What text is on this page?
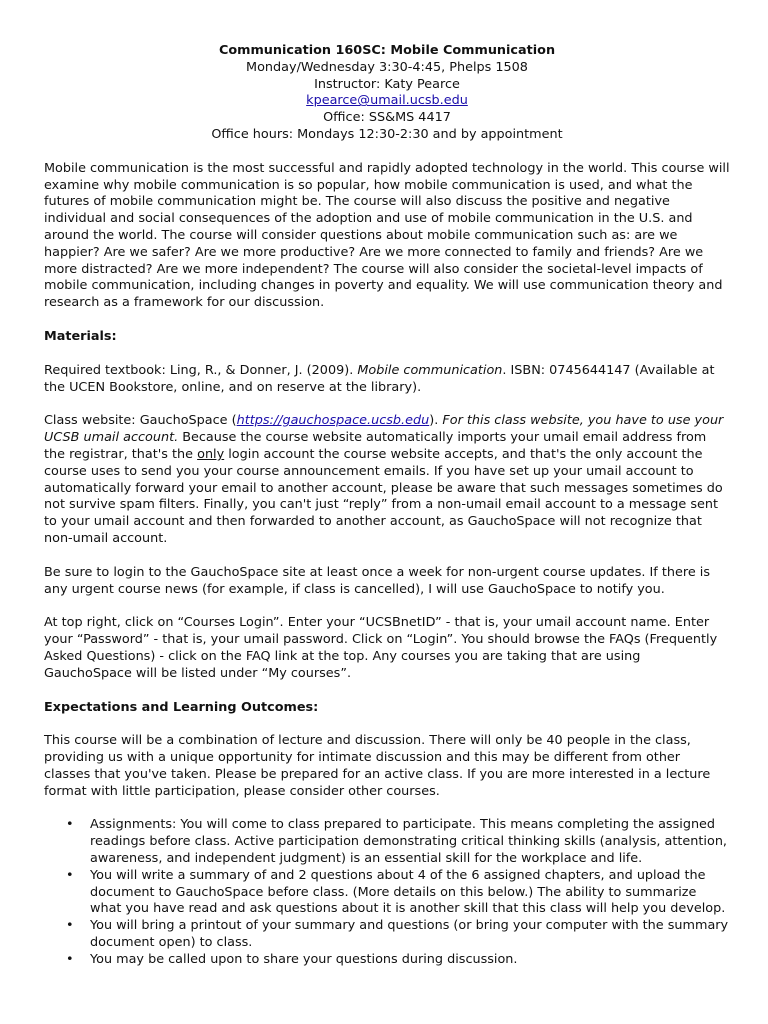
Communication 160SC: Mobile Communication
Monday/Wednesday 3:30-4:45, Phelps 1508
Instructor: Katy Pearce
kpearce@umail.ucsb.edu
Office: SS&MS 4417
Office hours: Mondays 12:30-2:30 and by appointment

Mobile communication is the most successful and rapidly adopted technology in the world. This course will examine why mobile communication is so popular, how mobile communication is used, and what the futures of mobile communication might be. The course will also discuss the positive and negative individual and social consequences of the adoption and use of mobile communication in the U.S. and around the world. The course will consider questions about mobile communication such as: are we happier? Are we safer? Are we more productive? Are we more connected to family and friends? Are we more distracted? Are we more independent? The course will also consider the societal-level impacts of mobile communication, including changes in poverty and equality. We will use communication theory and research as a framework for our discussion.

Materials:

Required textbook: Ling, R., & Donner, J. (2009). Mobile communication. ISBN: 0745644147 (Available at the UCEN Bookstore, online, and on reserve at the library).

Class website: GauchoSpace (https://gauchospace.ucsb.edu). For this class website, you have to use your UCSB umail account. Because the course website automatically imports your umail email address from the registrar, that's the only login account the course website accepts, and that's the only account the course uses to send you your course announcement emails. If you have set up your umail account to automatically forward your email to another account, please be aware that such messages sometimes do not survive spam filters. Finally, you can't just “reply” from a non-umail email account to a message sent to your umail account and then forwarded to another account, as GauchoSpace will not recognize that non-umail account.

Be sure to login to the GauchoSpace site at least once a week for non-urgent course updates. If there is any urgent course news (for example, if class is cancelled), I will use GauchoSpace to notify you.

At top right, click on “Courses Login”. Enter your “UCSBnetID” - that is, your umail account name. Enter your “Password” - that is, your umail password. Click on “Login”. You should browse the FAQs (Frequently Asked Questions) - click on the FAQ link at the top. Any courses you are taking that are using GauchoSpace will be listed under “My courses”.

Expectations and Learning Outcomes:

This course will be a combination of lecture and discussion. There will only be 40 people in the class, providing us with a unique opportunity for intimate discussion and this may be different from other classes that you've taken. Please be prepared for an active class. If you are more interested in a lecture format with little participation, please consider other courses.

• Assignments: You will come to class prepared to participate. This means completing the assigned readings before class. Active participation demonstrating critical thinking skills (analysis, attention, awareness, and independent judgment) is an essential skill for the workplace and life.
• You will write a summary of and 2 questions about 4 of the 6 assigned chapters, and upload the document to GauchoSpace before class. (More details on this below.) The ability to summarize what you have read and ask questions about it is another skill that this class will help you develop.
• You will bring a printout of your summary and questions (or bring your computer with the summary document open) to class.
• You may be called upon to share your questions during discussion.
